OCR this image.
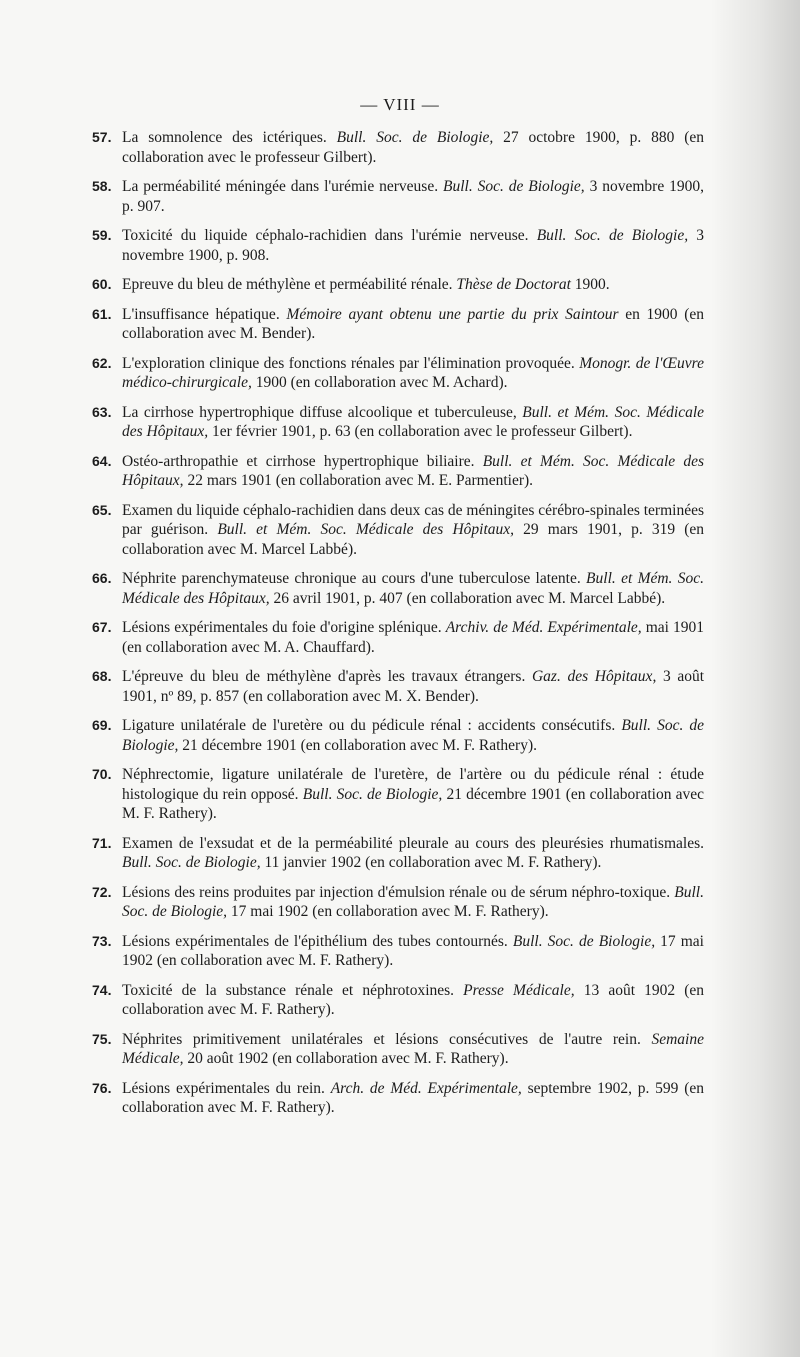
— VIII —
57. La somnolence des ictériques. Bull. Soc. de Biologie, 27 octobre 1900, p. 880 (en collaboration avec le professeur Gilbert).
58. La perméabilité méningée dans l'urémie nerveuse. Bull. Soc. de Biologie, 3 novembre 1900, p. 907.
59. Toxicité du liquide céphalo-rachidien dans l'urémie nerveuse. Bull. Soc. de Biologie, 3 novembre 1900, p. 908.
60. Epreuve du bleu de méthylène et perméabilité rénale. Thèse de Doctorat 1900.
61. L'insuffisance hépatique. Mémoire ayant obtenu une partie du prix Saintour en 1900 (en collaboration avec M. Bender).
62. L'exploration clinique des fonctions rénales par l'élimination provoquée. Monogr. de l'Œuvre médico-chirurgicale, 1900 (en collaboration avec M. Achard).
63. La cirrhose hypertrophique diffuse alcoolique et tuberculeuse, Bull. et Mém. Soc. Médicale des Hôpitaux, 1er février 1901, p. 63 (en collaboration avec le professeur Gilbert).
64. Ostéo-arthropathie et cirrhose hypertrophique biliaire. Bull. et Mém. Soc. Médicale des Hôpitaux, 22 mars 1901 (en collaboration avec M. E. Parmentier).
65. Examen du liquide céphalo-rachidien dans deux cas de méningites cérébro-spinales terminées par guérison. Bull. et Mém. Soc. Médicale des Hôpitaux, 29 mars 1901, p. 319 (en collaboration avec M. Marcel Labbé).
66. Néphrite parenchymateuse chronique au cours d'une tuberculose latente. Bull. et Mém. Soc. Médicale des Hôpitaux, 26 avril 1901, p. 407 (en collaboration avec M. Marcel Labbé).
67. Lésions expérimentales du foie d'origine splénique. Archiv. de Méd. Expérimentale, mai 1901 (en collaboration avec M. A. Chauffard).
68. L'épreuve du bleu de méthylène d'après les travaux étrangers. Gaz. des Hôpitaux, 3 août 1901, nº 89, p. 857 (en collaboration avec M. X. Bender).
69. Ligature unilatérale de l'uretère ou du pédicule rénal : accidents consécutifs. Bull. Soc. de Biologie, 21 décembre 1901 (en collaboration avec M. F. Rathery).
70. Néphrectomie, ligature unilatérale de l'uretère, de l'artère ou du pédicule rénal : étude histologique du rein opposé. Bull. Soc. de Biologie, 21 décembre 1901 (en collaboration avec M. F. Rathery).
71. Examen de l'exsudat et de la perméabilité pleurale au cours des pleurésies rhumatismales. Bull. Soc. de Biologie, 11 janvier 1902 (en collaboration avec M. F. Rathery).
72. Lésions des reins produites par injection d'émulsion rénale ou de sérum néphro-toxique. Bull. Soc. de Biologie, 17 mai 1902 (en collaboration avec M. F. Rathery).
73. Lésions expérimentales de l'épithélium des tubes contournés. Bull. Soc. de Biologie, 17 mai 1902 (en collaboration avec M. F. Rathery).
74. Toxicité de la substance rénale et néphrotoxines. Presse Médicale, 13 août 1902 (en collaboration avec M. F. Rathery).
75. Néphrites primitivement unilatérales et lésions consécutives de l'autre rein. Semaine Médicale, 20 août 1902 (en collaboration avec M. F. Rathery).
76. Lésions expérimentales du rein. Arch. de Méd. Expérimentale, septembre 1902, p. 599 (en collaboration avec M. F. Rathery).
